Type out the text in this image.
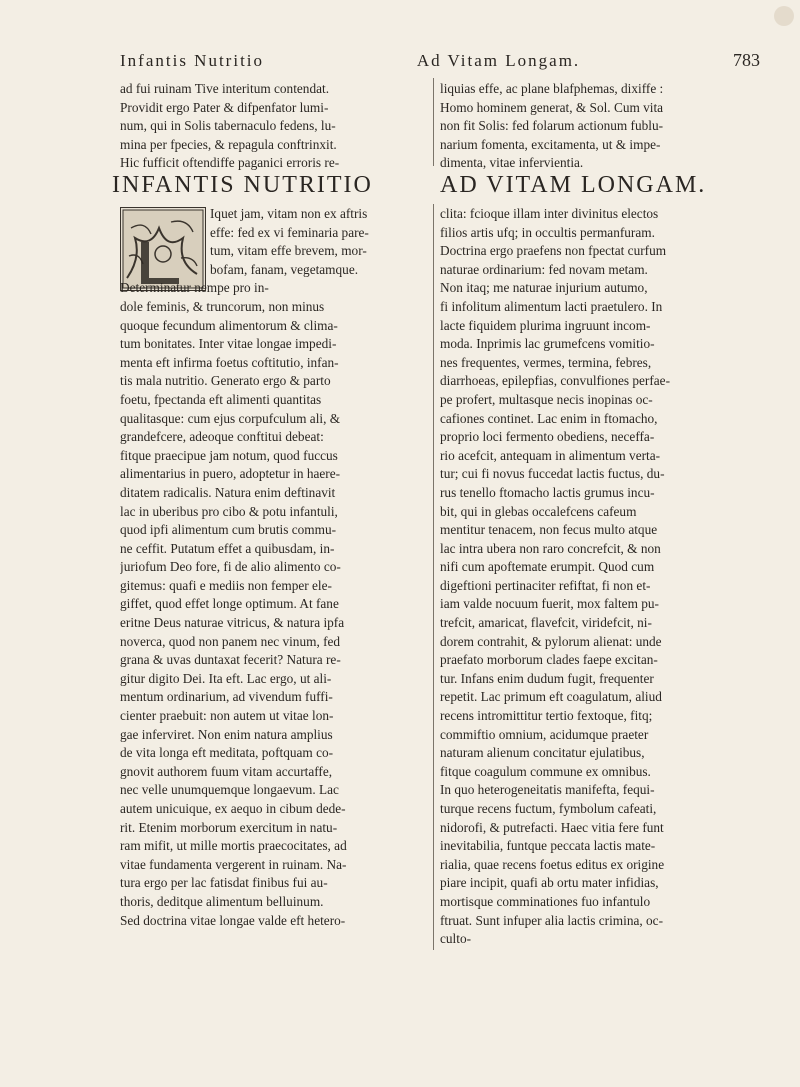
Infantis Nutritio	Ad Vitam Longam.	783
ad fui ruinam Tive interitum contendat.
Providit ergo Pater & difpenfator lumi-
num, qui in Solis tabernaculo fedens, lu-
mina per fpecies, & repagula conftrinxit.
Hic fufficit oftendiffe paganici erroris re-
liquias effe, ac plane blafphemas, dixiffe :
Homo hominem generat, & Sol. Cum vita
non fit Solis: fed folarum actionum fublu-
narium fomenta, excitamenta, ut & impe-
dimenta, vitae infervientia.
INFANTIS NUTRITIO	AD VITAM LONGAM.
Iquet jam, vitam non ex aftris
effe: fed ex vi feminaria pare-
tum, vitam effe brevem, mor-
bofam, fanam, vegetamque.
Determinatur nempe pro in-
dole feminis, & truncorum, non minus
quoque fecundum alimentorum & clima-
tum bonitates. Inter vitae longae impedi-
menta eft infirma foetus coftitutio, infan-
tis mala nutritio. Generato ergo & parto
foetu, fpectanda eft alimenti quantitas
qualitasque: cum ejus corpufculum ali, &
grandefcere, adeoque conftitui debeat:
fitque praecipue jam notum, quod fuccus
alimentarius in puero, adoptetur in haere-
ditatem radicalis. Natura enim deftinavit
lac in uberibus pro cibo & potu infantuli,
quod ipfi alimentum cum brutis commu-
ne ceffit. Putatum effet a quibusdam, in-
juriofum Deo fore, fi de alio alimento co-
gitemus: quafi e mediis non femper ele-
giffet, quod effet longe optimum. At fane
eritne Deus naturae vitricus, & natura ipfa
noverca, quod non panem nec vinum, fed
grana & uvas duntaxat fecerit? Natura re-
gitur digito Dei. Ita eft. Lac ergo, ut ali-
mentum ordinarium, ad vivendum fuffi-
cienter praebuit: non autem ut vitae lon-
gae inferviret. Non enim natura amplius
de vita longa eft meditata, poftquam co-
gnovit authorem fuum vitam accurtaffe,
nec velle unumquemque longaevum. Lac
autem unicuique, ex aequo in cibum dede-
rit. Etenim morborum exercitum in natu-
ram mifit, ut mille mortis praecocitates, ad
vitae fundamenta vergerent in ruinam. Na-
tura ergo per lac fatisdat finibus fui au-
thoris, deditque alimentum belluinum.
Sed doctrina vitae longae valde eft hetero-
clita: fcioque illam inter divinitus electos
filios artis ufq; in occultis permanfuram.
Doctrina ergo praefens non fpectat curfum
naturae ordinarium: fed novam metam.
Non itaq; me naturae injurium autumo,
fi infolitum alimentum lacti praetulero. In
lacte fiquidem plurima ingruunt incom-
moda. Inprimis lac grumefcens vomitio-
nes frequentes, vermes, termina, febres,
diarrhoeas, epilepfias, convulfiones perfae-
pe profert, multasque necis inopinas oc-
cafiones continet. Lac enim in ftomacho,
proprio loci fermento obediens, neceffa-
rio acefcit, antequam in alimentum verta-
tur; cui fi novus fuccedat lactis fuctus, du-
rus tenello ftomacho lactis grumus incu-
bit, qui in glebas occalefcens cafeum
mentitur tenacem, non fecus multo atque
lac intra ubera non raro concrefcit, & non
nifi cum apoftemate erumpit. Quod cum
digeftioni pertinaciter refiftat, fi non et-
iam valde nocuum fuerit, mox faltem pu-
trefcit, amaricat, flavefcit, viridefcit, ni-
dorem contrahit, & pylorum alienat: unde
praefato morborum clades faepe excitan-
tur. Infans enim dudum fugit, frequenter
repetit. Lac primum eft coagulatum, aliud
recens intromittitur tertio fextoque, fitq;
commiftio omnium, acidumque praeter
naturam alienum concitatur ejulatibus,
fitque coagulum commune ex omnibus.
In quo heterogeneitatis manifefta, fequi-
turque recens fuctum, fymbolum cafeati,
nidorofi, & putrefacti. Haec vitia fere funt
inevitabilia, funtque peccata lactis mate-
rialia, quae recens foetus editus ex origine
piare incipit, quafi ab ortu mater infidias,
mortisque comminationes fuo infantulo
ftruat. Sunt infuper alia lactis crimina, oc-
culto-
